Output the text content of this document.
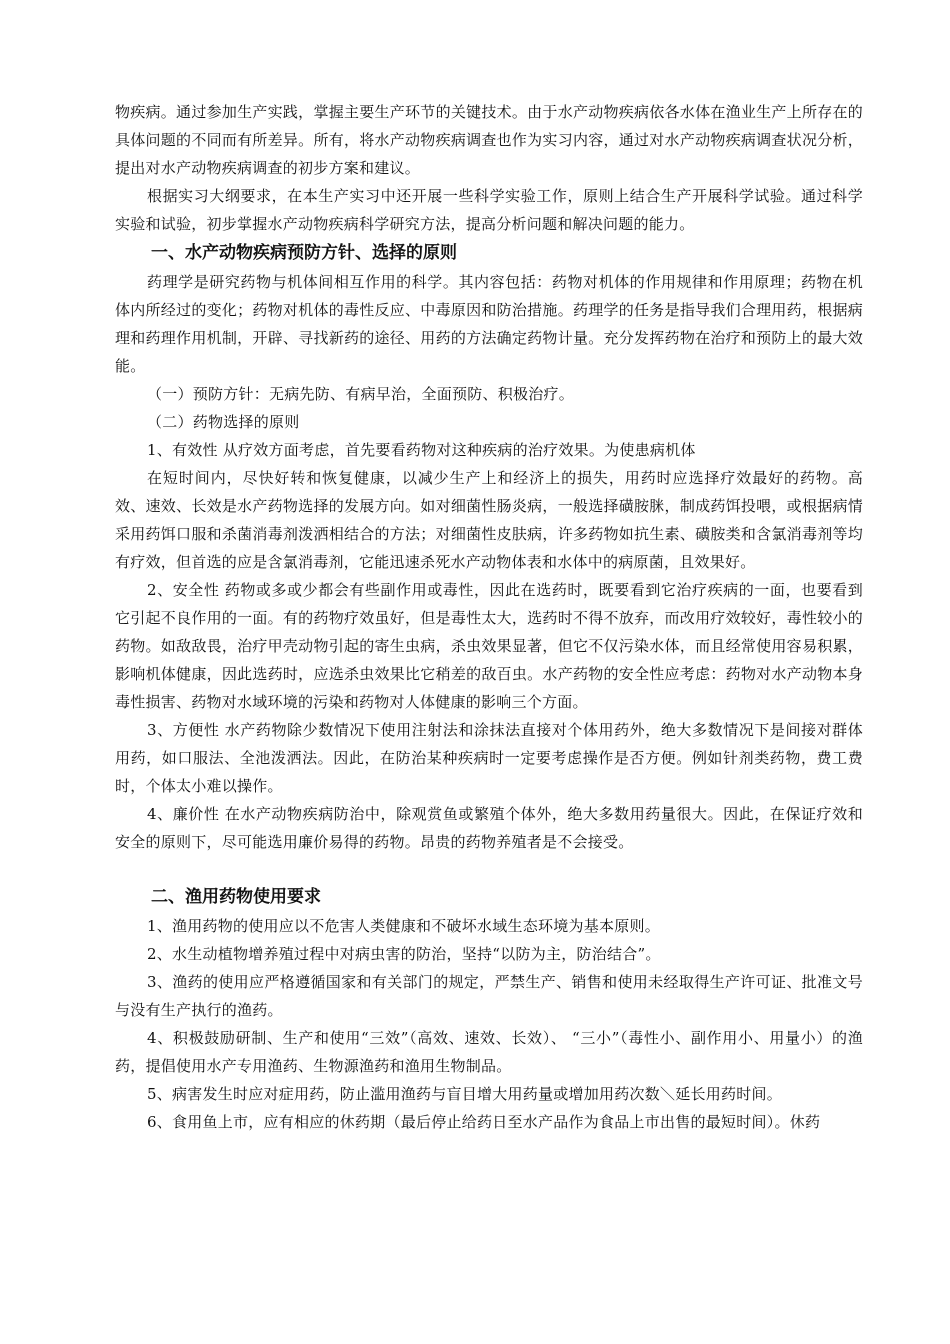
物疾病。通过参加生产实践，掌握主要生产环节的关键技术。由于水产动物疾病依各水体在渔业生产上所存在的具体问题的不同而有所差异。所有，将水产动物疾病调查也作为实习内容，通过对水产动物疾病调查状况分析，提出对水产动物疾病调查的初步方案和建议。

根据实习大纲要求，在本生产实习中还开展一些科学实验工作，原则上结合生产开展科学试验。通过科学实验和试验，初步掌握水产动物疾病科学研究方法，提高分析问题和解决问题的能力。

一、水产动物疾病预防方针、选择的原则

药理学是研究药物与机体间相互作用的科学。其内容包括：药物对机体的作用规律和作用原理；药物在机体内所经过的变化；药物对机体的毒性反应、中毒原因和防治措施。药理学的任务是指导我们合理用药，根据病理和药理作用机制，开辟、寻找新药的途径、用药的方法确定药物计量。充分发挥药物在治疗和预防上的最大效能。

（一）预防方针：无病先防、有病早治，全面预防、积极治疗。

（二）药物选择的原则

1、有效性 从疗效方面考虑，首先要看药物对这种疾病的治疗效果。为使患病机体

在短时间内，尽快好转和恢复健康，以减少生产上和经济上的损失，用药时应选择疗效最好的药物。高效、速效、长效是水产药物选择的发展方向。如对细菌性肠炎病，一般选择磺胺脒，制成药饵投喂，或根据病情采用药饵口服和杀菌消毒剂泼洒相结合的方法；对细菌性皮肤病，许多药物如抗生素、磺胺类和含氯消毒剂等均有疗效，但首选的应是含氯消毒剂，它能迅速杀死水产动物体表和水体中的病原菌，且效果好。

2、安全性 药物或多或少都会有些副作用或毒性，因此在选药时，既要看到它治疗疾病的一面，也要看到它引起不良作用的一面。有的药物疗效虽好，但是毒性太大，选药时不得不放弃，而改用疗效较好，毒性较小的药物。如敌敌畏，治疗甲壳动物引起的寄生虫病，杀虫效果显著，但它不仅污染水体，而且经常使用容易积累，影响机体健康，因此选药时，应选杀虫效果比它稍差的敌百虫。水产药物的安全性应考虑：药物对水产动物本身毒性损害、药物对水域环境的污染和药物对人体健康的影响三个方面。

3、方便性 水产药物除少数情况下使用注射法和涂抹法直接对个体用药外，绝大多数情况下是间接对群体用药，如口服法、全池泼洒法。因此，在防治某种疾病时一定要考虑操作是否方便。例如针剂类药物，费工费时，个体太小难以操作。

4、廉价性 在水产动物疾病防治中，除观赏鱼或繁殖个体外，绝大多数用药量很大。因此，在保证疗效和安全的原则下，尽可能选用廉价易得的药物。昂贵的药物养殖者是不会接受。

二、渔用药物使用要求

1、渔用药物的使用应以不危害人类健康和不破坏水域生态环境为基本原则。

2、水生动植物增养殖过程中对病虫害的防治，坚持“以防为主，防治结合”。

3、渔药的使用应严格遵循国家和有关部门的规定，严禁生产、销售和使用未经取得生产许可证、批准文号与没有生产执行的渔药。

4、积极鼓励研制、生产和使用“三效”（高效、速效、长效）、 “三小”（毒性小、副作用小、用量小）的渔药，提倡使用水产专用渔药、生物源渔药和渔用生物制品。

5、病害发生时应对症用药，防止滥用渔药与盲目增大用药量或增加用药次数＼延长用药时间。

6、食用鱼上市，应有相应的休药期（最后停止给药日至水产品作为食品上市出售的最短时间）。休药
